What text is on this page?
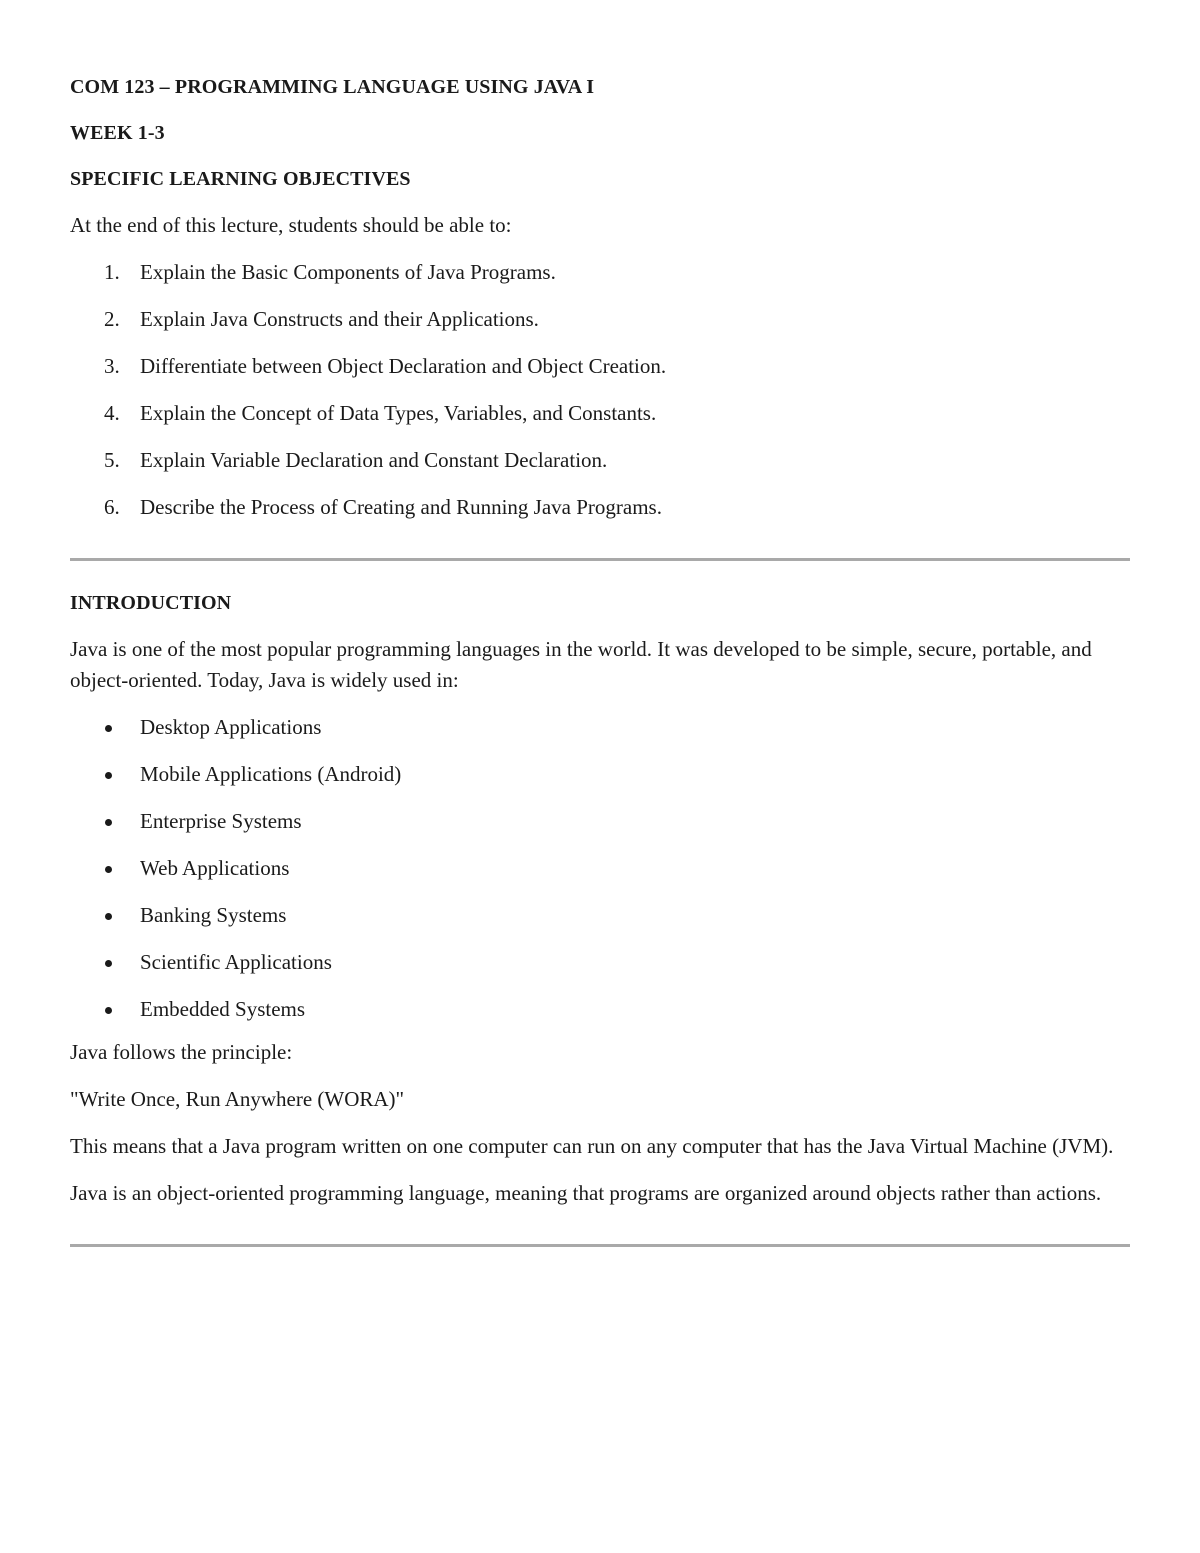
COM 123 – PROGRAMMING LANGUAGE USING JAVA I
WEEK 1-3
SPECIFIC LEARNING OBJECTIVES
At the end of this lecture, students should be able to:
1. Explain the Basic Components of Java Programs.
2. Explain Java Constructs and their Applications.
3. Differentiate between Object Declaration and Object Creation.
4. Explain the Concept of Data Types, Variables, and Constants.
5. Explain Variable Declaration and Constant Declaration.
6. Describe the Process of Creating and Running Java Programs.
INTRODUCTION
Java is one of the most popular programming languages in the world. It was developed to be simple, secure, portable, and object-oriented. Today, Java is widely used in:
Desktop Applications
Mobile Applications (Android)
Enterprise Systems
Web Applications
Banking Systems
Scientific Applications
Embedded Systems
Java follows the principle:
"Write Once, Run Anywhere (WORA)"
This means that a Java program written on one computer can run on any computer that has the Java Virtual Machine (JVM).
Java is an object-oriented programming language, meaning that programs are organized around objects rather than actions.
